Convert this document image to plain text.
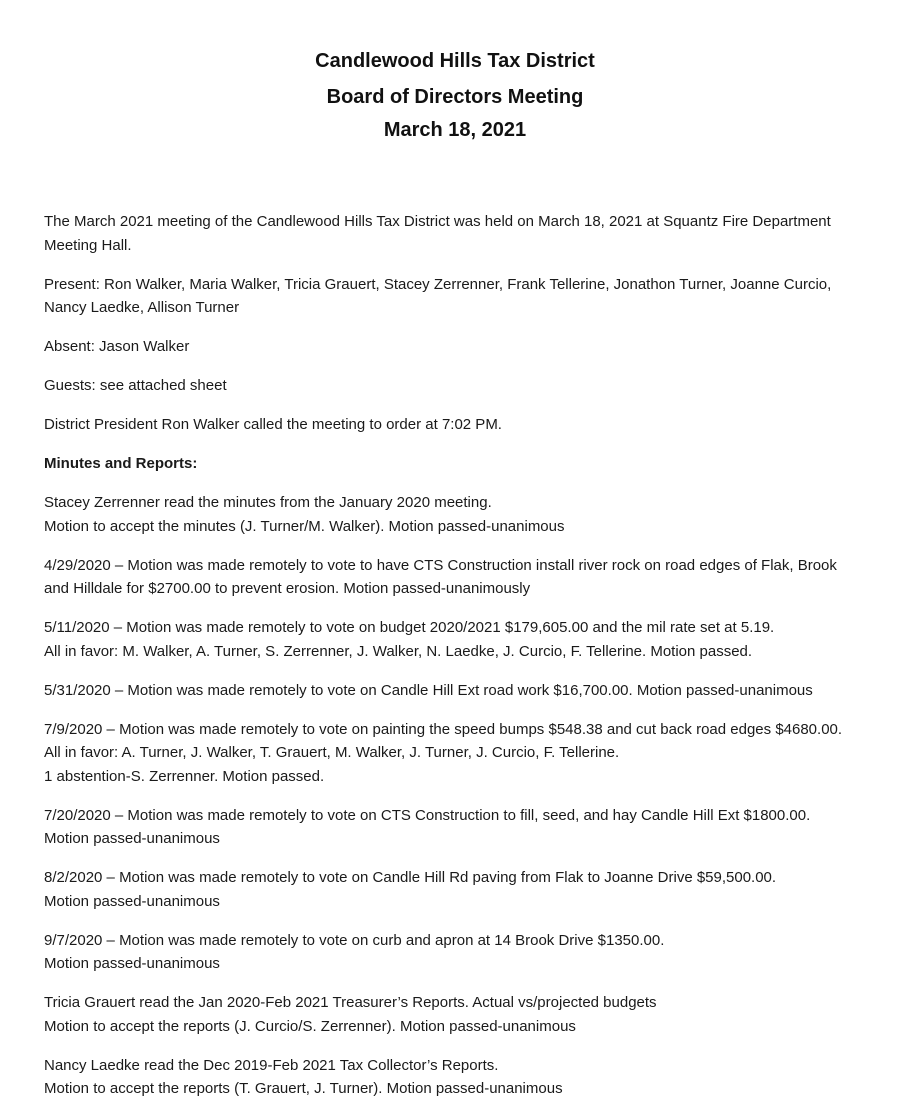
Candlewood Hills Tax District
Board of Directors Meeting
March 18, 2021

The March 2021 meeting of the Candlewood Hills Tax District was held on March 18, 2021 at Squantz Fire Department
Meeting Hall.

Present: Ron Walker, Maria Walker, Tricia Grauert, Stacey Zerrenner, Frank Tellerine, Jonathon Turner, Joanne Curcio,
Nancy Laedke, Allison Turner

Absent: Jason Walker

Guests: see attached sheet

District President Ron Walker called the meeting to order at 7:02 PM.

Minutes and Reports:

Stacey Zerrenner read the minutes from the January 2020 meeting.
Motion to accept the minutes (J. Turner/M. Walker). Motion passed-unanimous

4/29/2020 – Motion was made remotely to vote to have CTS Construction install river rock on road edges of Flak, Brook
and Hilldale for $2700.00 to prevent erosion. Motion passed-unanimously

5/11/2020 – Motion was made remotely to vote on budget 2020/2021 $179,605.00 and the mil rate set at 5.19.
All in favor: M. Walker, A. Turner, S. Zerrenner, J. Walker, N. Laedke, J. Curcio, F. Tellerine. Motion passed.

5/31/2020 – Motion was made remotely to vote on Candle Hill Ext road work $16,700.00. Motion passed-unanimous

7/9/2020 – Motion was made remotely to vote on painting the speed bumps $548.38 and cut back road edges $4680.00.
All in favor: A. Turner, J. Walker, T. Grauert, M. Walker, J. Turner, J. Curcio, F. Tellerine.
1 abstention-S. Zerrenner. Motion passed.

7/20/2020 – Motion was made remotely to vote on CTS Construction to fill, seed, and hay Candle Hill Ext $1800.00.
Motion passed-unanimous

8/2/2020 – Motion was made remotely to vote on Candle Hill Rd paving from Flak to Joanne Drive $59,500.00.
Motion passed-unanimous

9/7/2020 – Motion was made remotely to vote on curb and apron at 14 Brook Drive $1350.00.
Motion passed-unanimous

Tricia Grauert read the Jan 2020-Feb 2021 Treasurer’s Reports. Actual vs/projected budgets
Motion to accept the reports (J. Curcio/S. Zerrenner). Motion passed-unanimous

Nancy Laedke read the Dec 2019-Feb 2021 Tax Collector’s Reports.
Motion to accept the reports (T. Grauert, J. Turner). Motion passed-unanimous
